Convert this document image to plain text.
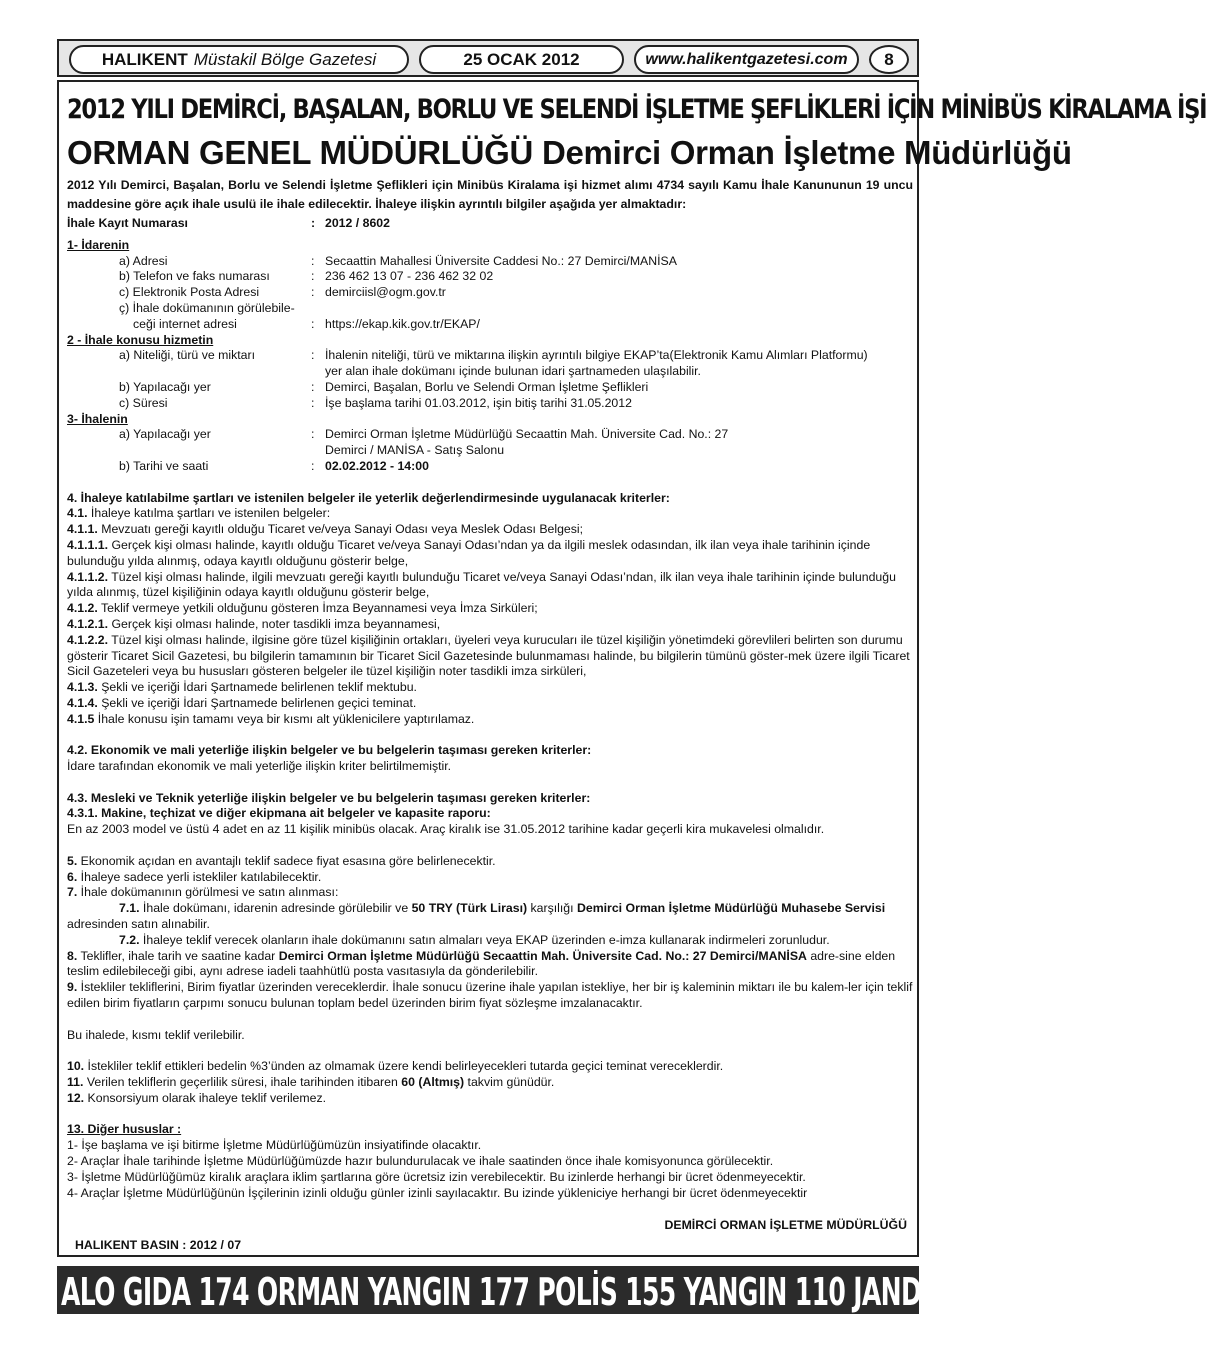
HALIKENT Müstakil Bölge Gazetesi	25 OCAK 2012	www.halikentgazetesi.com	8
2012 YILI DEMİRCİ, BAŞALAN, BORLU VE SELENDİ İŞLETME ŞEFLİKLERİ İÇİN MİNİBÜS KİRALAMA İŞİ
ORMAN GENEL MÜDÜRLÜĞÜ Demirci Orman İşletme Müdürlüğü

2012 Yılı Demirci, Başalan, Borlu ve Selendi İşletme Şeflikleri için Minibüs Kiralama işi hizmet alımı 4734 sayılı Kamu İhale Kanununun 19 uncu maddesine göre açık ihale usulü ile ihale edilecektir. İhaleye ilişkin ayrıntılı bilgiler aşağıda yer almaktadır:

İhale Kayıt Numarası	: 2012 / 8602

1- İdarenin

a) Adresi	: Secaattin Mahallesi Üniversite Caddesi No.: 27 Demirci/MANİSA
b) Telefon ve faks numarası	: 236 462 13 07 - 236 462 32 02
c) Elektronik Posta Adresi	: demirciisl@ogm.gov.tr
ç) İhale dokümanının görülebile-
ceği internet adresi	: https://ekap.kik.gov.tr/EKAP/

2 - İhale konusu hizmetin

a) Niteliği, türü ve miktarı	: İhalenin niteliği, türü ve miktarına ilişkin ayrıntılı bilgiye EKAP’ta(Elektronik Kamu Alımları Platformu)
yer alan ihale dokümanı içinde bulunan idari şartnameden ulaşılabilir.
b) Yapılacağı yer	: Demirci, Başalan, Borlu ve Selendi Orman İşletme Şeflikleri
c) Süresi	: İşe başlama tarihi 01.03.2012, işin bitiş tarihi 31.05.2012

3- İhalenin

a) Yapılacağı yer	: Demirci Orman İşletme Müdürlüğü Secaattin Mah. Üniversite Cad. No.: 27
Demirci / MANİSA - Satış Salonu
b) Tarihi ve saati	: 02.02.2012 - 14:00

4. İhaleye katılabilme şartları ve istenilen belgeler ile yeterlik değerlendirmesinde uygulanacak kriterler:

4.1. İhaleye katılma şartları ve istenilen belgeler:

4.1.1. Mevzuatı gereği kayıtlı olduğu Ticaret ve/veya Sanayi Odası veya Meslek Odası Belgesi;

4.1.1.1. Gerçek kişi olması halinde, kayıtlı olduğu Ticaret ve/veya Sanayi Odası’ndan ya da ilgili meslek odasından, ilk ilan veya ihale tarihinin içinde bulunduğu yılda alınmış, odaya kayıtlı olduğunu gösterir belge,

4.1.1.2. Tüzel kişi olması halinde, ilgili mevzuatı gereği kayıtlı bulunduğu Ticaret ve/veya Sanayi Odası’ndan, ilk ilan veya ihale tarihinin içinde bulunduğu yılda alınmış, tüzel kişiliğinin odaya kayıtlı olduğunu gösterir belge,

4.1.2. Teklif vermeye yetkili olduğunu gösteren İmza Beyannamesi veya İmza Sirküleri;

4.1.2.1. Gerçek kişi olması halinde, noter tasdikli imza beyannamesi,

4.1.2.2. Tüzel kişi olması halinde, ilgisine göre tüzel kişiliğinin ortakları, üyeleri veya kurucuları ile tüzel kişiliğin yönetimdeki görevlileri belirten son durumu gösterir Ticaret Sicil Gazetesi, bu bilgilerin tamamının bir Ticaret Sicil Gazetesinde bulunmaması halinde, bu bilgilerin tümünü göster-mek üzere ilgili Ticaret Sicil Gazeteleri veya bu hususları gösteren belgeler ile tüzel kişiliğin noter tasdikli imza sirküleri,

4.1.3. Şekli ve içeriği İdari Şartnamede belirlenen teklif mektubu.

4.1.4. Şekli ve içeriği İdari Şartnamede belirlenen geçici teminat.

4.1.5 İhale konusu işin tamamı veya bir kısmı alt yüklenicilere yaptırılamaz.

4.2. Ekonomik ve mali yeterliğe ilişkin belgeler ve bu belgelerin taşıması gereken kriterler:

İdare tarafından ekonomik ve mali yeterliğe ilişkin kriter belirtilmemiştir.

4.3. Mesleki ve Teknik yeterliğe ilişkin belgeler ve bu belgelerin taşıması gereken kriterler:

4.3.1. Makine, teçhizat ve diğer ekipmana ait belgeler ve kapasite raporu:

En az 2003 model ve üstü 4 adet en az 11 kişilik minibüs olacak. Araç kiralık ise 31.05.2012 tarihine kadar geçerli kira mukavelesi olmalıdır.

5. Ekonomik açıdan en avantajlı teklif sadece fiyat esasına göre belirlenecektir.

6. İhaleye sadece yerli istekliler katılabilecektir.

7. İhale dokümanının görülmesi ve satın alınması:

7.1. İhale dokümanı, idarenin adresinde görülebilir ve 50 TRY (Türk Lirası) karşılığı Demirci Orman İşletme Müdürlüğü Muhasebe Servisi adresinden satın alınabilir.

7.2. İhaleye teklif verecek olanların ihale dokümanını satın almaları veya EKAP üzerinden e-imza kullanarak indirmeleri zorunludur.

8. Teklifler, ihale tarih ve saatine kadar Demirci Orman İşletme Müdürlüğü Secaattin Mah. Üniversite Cad. No.: 27 Demirci/MANİSA adre-sine elden teslim edilebileceği gibi, aynı adrese iadeli taahhütlü posta vasıtasıyla da gönderilebilir.

9. İstekliler tekliflerini, Birim fiyatlar üzerinden vereceklerdir. İhale sonucu üzerine ihale yapılan istekliye, her bir iş kaleminin miktarı ile bu kalem-ler için teklif edilen birim fiyatların çarpımı sonucu bulunan toplam bedel üzerinden birim fiyat sözleşme imzalanacaktır.

Bu ihalede, kısmı teklif verilebilir.

10. İstekliler teklif ettikleri bedelin %3’ünden az olmamak üzere kendi belirleyecekleri tutarda geçici teminat vereceklerdir.

11. Verilen tekliflerin geçerlilik süresi, ihale tarihinden itibaren 60 (Altmış) takvim günüdür.

12. Konsorsiyum olarak ihaleye teklif verilemez.

13. Diğer hususlar :

1- İşe başlama ve işi bitirme İşletme Müdürlüğümüzün insiyatifinde olacaktır.

2- Araçlar İhale tarihinde İşletme Müdürlüğümüzde hazır bulundurulacak ve ihale saatinden önce ihale komisyonunca görülecektir.

3- İşletme Müdürlüğümüz kiralık araçlara iklim şartlarına göre ücretsiz izin verebilecektir. Bu izinlerde herhangi bir ücret ödenmeyecektir.

4- Araçlar İşletme Müdürlüğünün İşçilerinin izinli olduğu günler izinli sayılacaktır. Bu izinde yükleniciye herhangi bir ücret ödenmeyecektir

DEMİRCİ ORMAN İŞLETME MÜDÜRLÜĞÜ
HALIKENT BASIN : 2012 / 07
ALO GIDA 174 ORMAN YANGIN 177 POLİS 155 YANGIN 110 JANDARMA 156
